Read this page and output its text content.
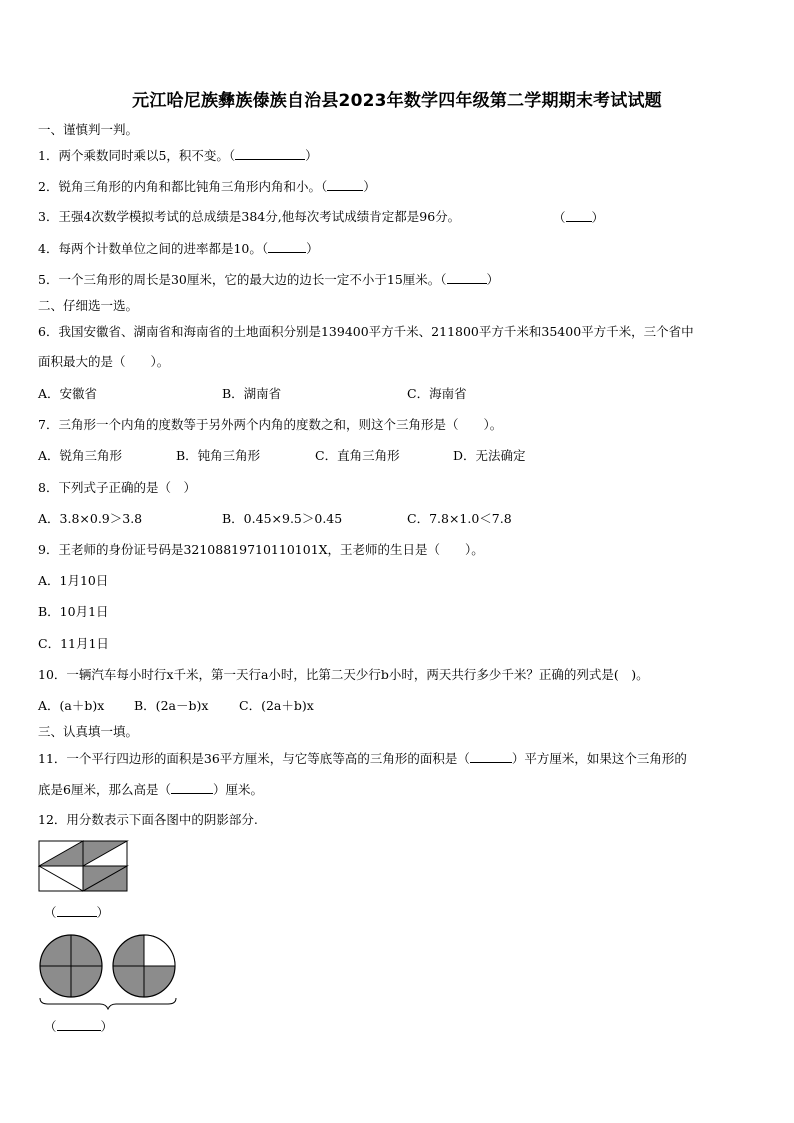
元江哈尼族彝族傣族自治县2023年数学四年级第二学期期末考试试题
一、谨慎判一判。
1．两个乘数同时乘以5，积不变。（	）
2．锐角三角形的内角和都比钝角三角形内角和小。（	）
3．王强4次数学模拟考试的总成绩是384分,他每次考试成绩肯定都是96分。	（ ）
4．每两个计数单位之间的进率都是10。（	）
5．一个三角形的周长是30厘米，它的最大边的边长一定不小于15厘米。（	）
二、仔细选一选。
6．我国安徽省、湖南省和海南省的土地面积分别是139400平方千米、211800平方千米和35400平方千米，三个省中
面积最大的是（　　）。
A．安徽省	B．湖南省	C．海南省
7．三角形一个内角的度数等于另外两个内角的度数之和，则这个三角形是（　　）。
A．锐角三角形	B．钝角三角形	C．直角三角形	D．无法确定
8．下列式子正确的是（　）
A．3.8×0.9＞3.8	B．0.45×9.5＞0.45	C．7.8×1.0＜7.8
9．王老师的身份证号码是32108819710110101X，王老师的生日是（　　）。
A．1月10日
B．10月1日
C．11月1日
10．一辆汽车每小时行x千米，第一天行a小时，比第二天少行b小时，两天共行多少千米？正确的列式是(　)。
A．(a＋b)x B．(2a－b)x C．(2a＋b)x
三、认真填一填。
11．一个平行四边形的面积是36平方厘米，与它等底等高的三角形的面积是（	）平方厘米，如果这个三角形的
底是6厘米，那么高是（	）厘米。
12．用分数表示下面各图中的阴影部分.
（	）
（	）
